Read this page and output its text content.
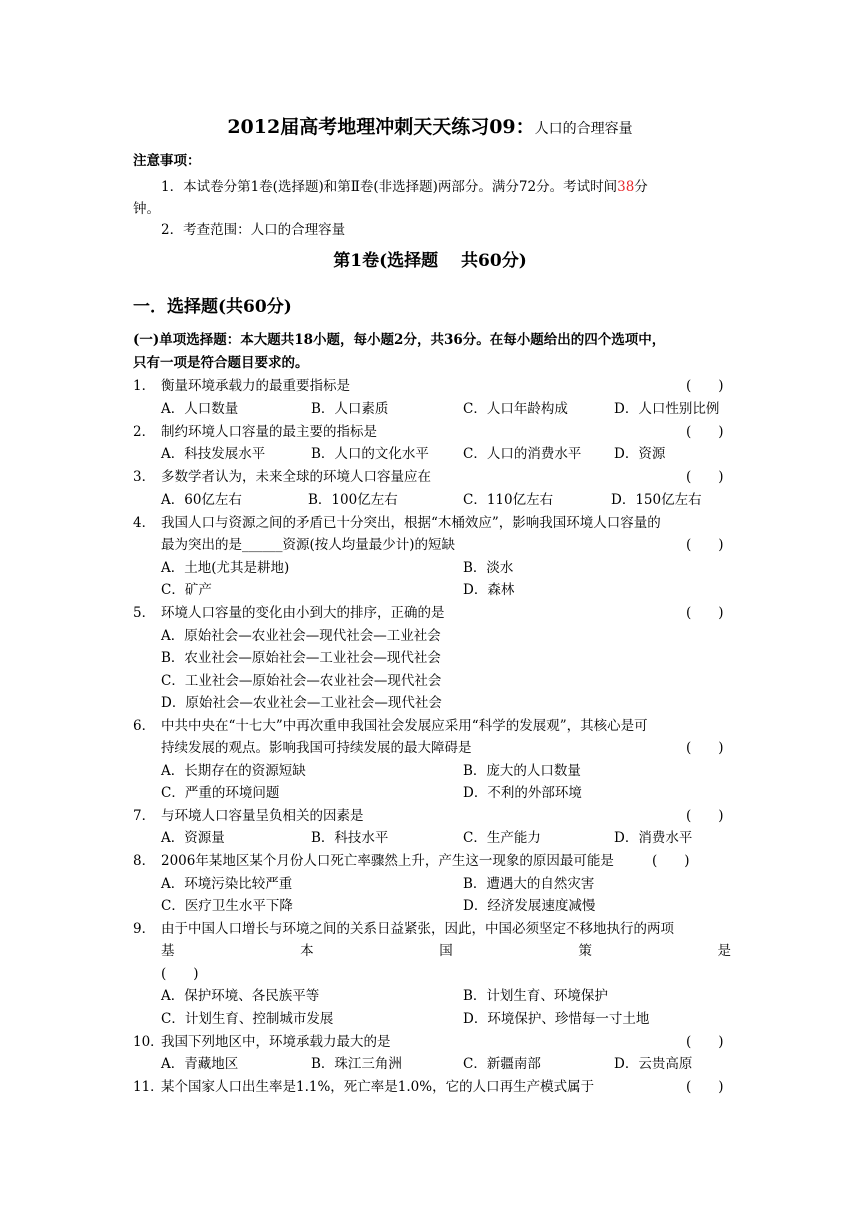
2012届高考地理冲刺天天练习09：人口的合理容量
注意事项：
1．本试卷分第1卷(选择题)和第Ⅱ卷(非选择题)两部分。满分72分。考试时间38分
钟。
2．考查范围：人口的合理容量
第1卷(选择题　 共60分)
一．选择题(共60分)
(一)单项选择题：本大题共18小题，每小题2分，共36分。在每小题给出的四个选项中，
只有一项是符合题目要求的。
1． 衡量环境承载力的最重要指标是	(　　)
A．人口数量	B．人口素质	C．人口年龄构成	D．人口性别比例
2． 制约环境人口容量的最主要的指标是	(　　)
A．科技发展水平	B．人口的文化水平	C．人口的消费水平 D．资源
3． 多数学者认为，未来全球的环境人口容量应在	(　　)
A．60亿左右	B．100亿左右	C．110亿左右	D．150亿左右
4． 我国人口与资源之间的矛盾已十分突出，根据“木桶效应”，影响我国环境人口容量的
最为突出的是______资源(按人均量最少计)的短缺	(　　)
A．土地(尤其是耕地)	B．淡水
C．矿产	D．森林
5． 环境人口容量的变化由小到大的排序，正确的是	(　　)
A．原始社会—农业社会—现代社会—工业社会
B．农业社会—原始社会—工业社会—现代社会
C．工业社会—原始社会—农业社会—现代社会
D．原始社会—农业社会—工业社会—现代社会
6． 中共中央在“十七大”中再次重申我国社会发展应采用“科学的发展观”，其核心是可
持续发展的观点。影响我国可持续发展的最大障碍是	(　　)
A．长期存在的资源短缺	B．庞大的人口数量
C．严重的环境问题	D．不利的外部环境
7． 与环境人口容量呈负相关的因素是	(　　)
A．资源量	B．科技水平	C．生产能力	D．消费水平
8． 2006年某地区某个月份人口死亡率骤然上升，产生这一现象的原因最可能是	(　　)
A．环境污染比较严重	B．遭遇大的自然灾害
C．医疗卫生水平下降	D．经济发展速度减慢
9． 由于中国人口增长与环境之间的关系日益紧张，因此，中国必须坚定不移地执行的两项
基	本	国	策	是
(　　)
A．保护环境、各民族平等	B．计划生育、环境保护
C．计划生育、控制城市发展	D．环境保护、珍惜每一寸土地
10．
我国下列地区中，环境承载力最大的是	(　　)
A．青藏地区	B．珠江三角洲	C．新疆南部	D．云贵高原
11．
某个国家人口出生率是1.1%，死亡率是1.0%，它的人口再生产模式属于	(　　)
